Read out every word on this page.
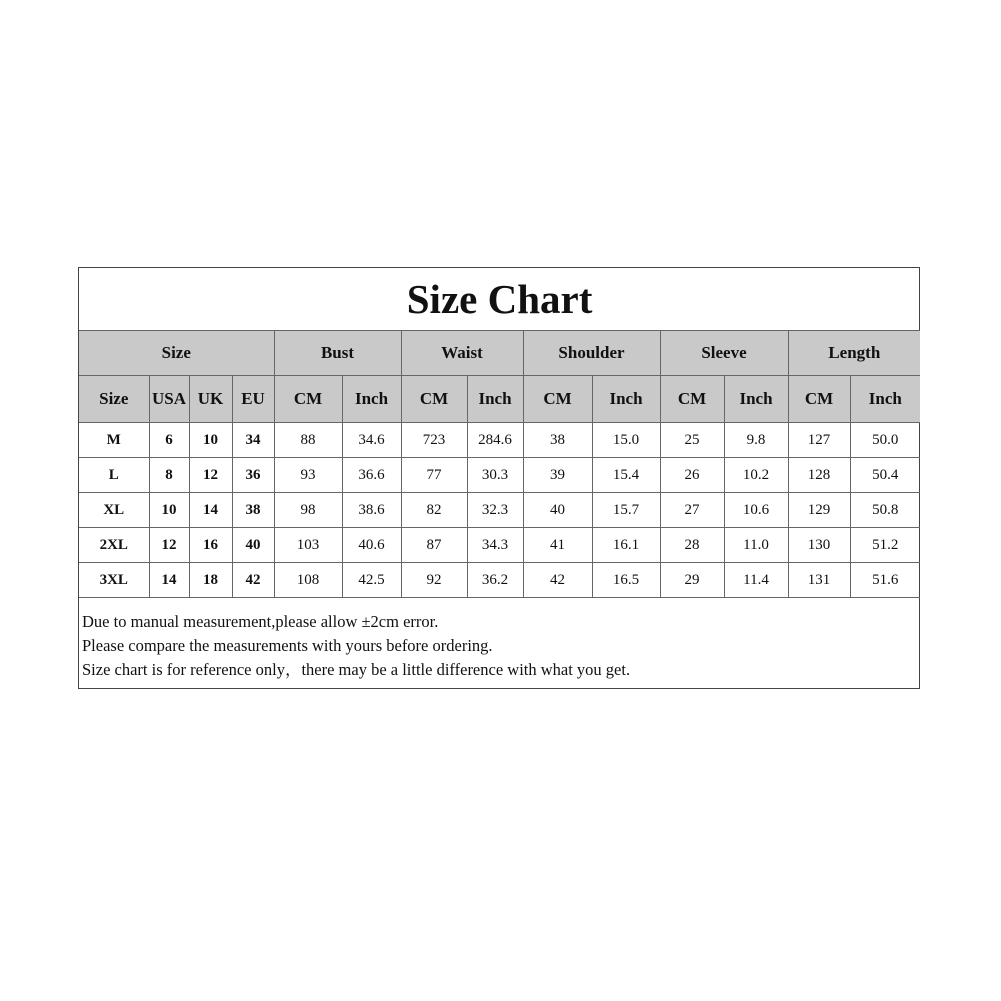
Size Chart													
Size				Bust		Waist		Shoulder		Sleeve		Length	
Size	USA	UK	EU	CM	Inch	CM	Inch	CM	Inch	CM	Inch	CM	Inch
M	6	10	34	88	34.6	723	284.6	38	15.0	25	9.8	127	50.0
L	8	12	36	93	36.6	77	30.3	39	15.4	26	10.2	128	50.4
XL	10	14	38	98	38.6	82	32.3	40	15.7	27	10.6	129	50.8
2XL	12	16	40	103	40.6	87	34.3	41	16.1	28	11.0	130	51.2
3XL	14	18	42	108	42.5	92	36.2	42	16.5	29	11.4	131	51.6
Due to manual measurement,please allow ±2cm error.
Please compare the measurements with yours before ordering.
Size chart is for reference only，there may be a little difference with what you get.
